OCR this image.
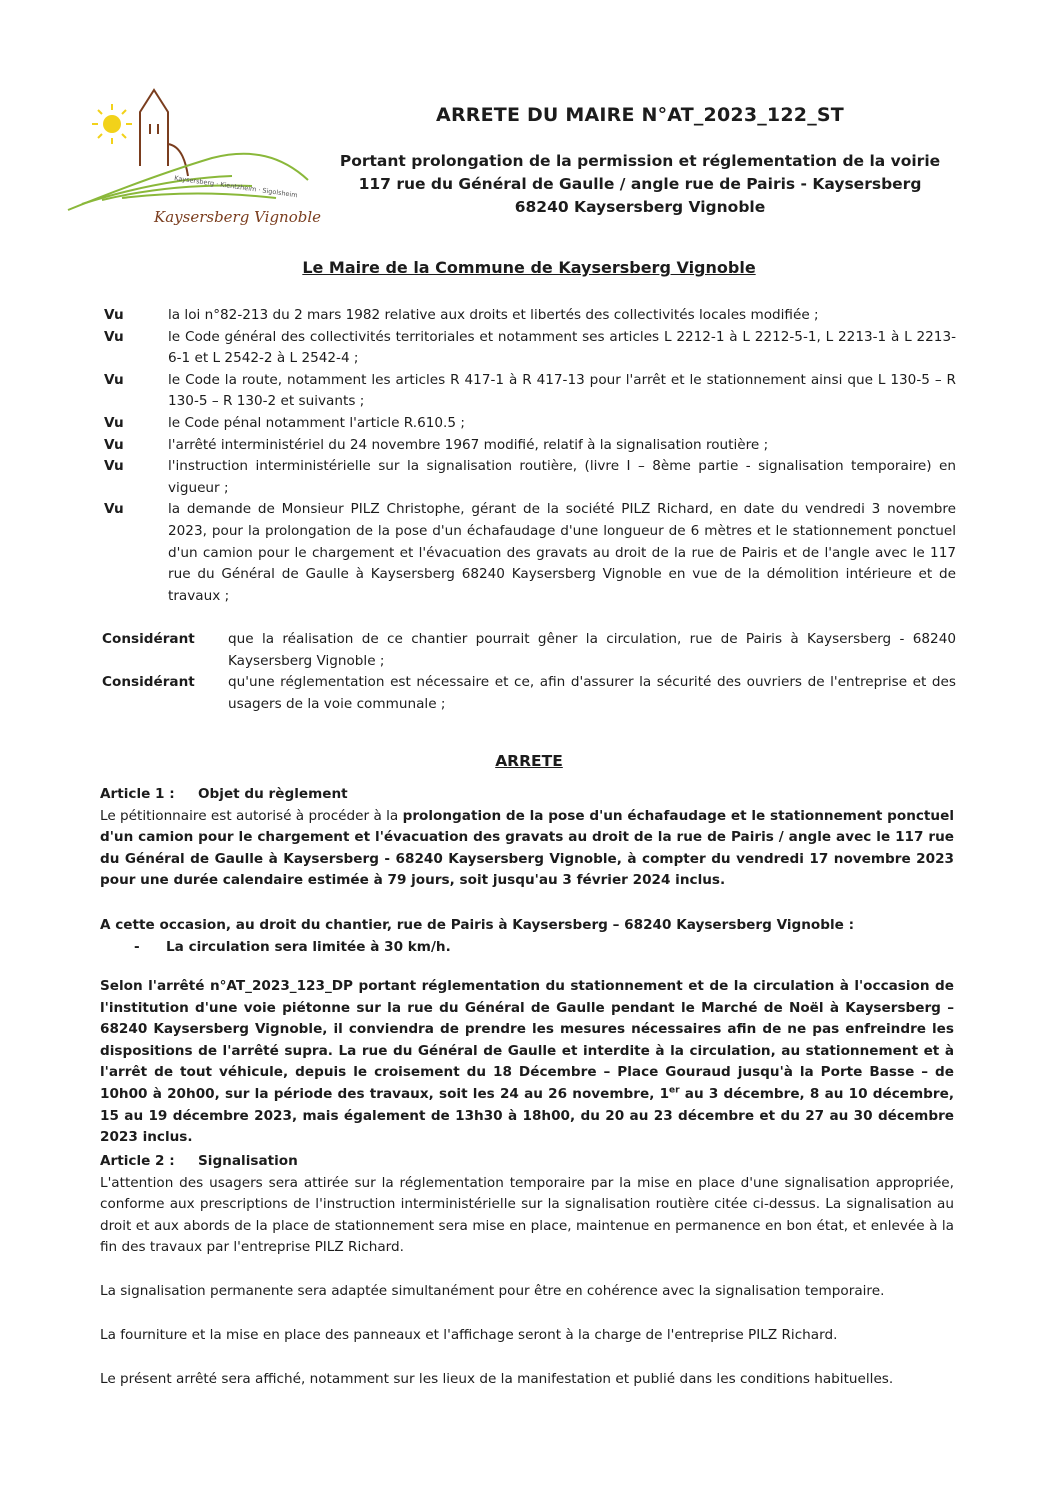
Kaysersberg · Kientzheim · Sigolsheim
Kaysersberg Vignoble
ARRETE DU MAIRE N°AT_2023_122_ST
Portant prolongation de la permission et réglementation de la voirie
117 rue du Général de Gaulle / angle rue de Pairis - Kaysersberg
68240 Kaysersberg Vignoble
Le Maire de la Commune de Kaysersberg Vignoble
Vu	la loi n°82-213 du 2 mars 1982 relative aux droits et libertés des collectivités locales modifiée ;
Vu	le Code général des collectivités territoriales et notamment ses articles L 2212-1 à L 2212-5-1, L 2213-1 à L 2213-6-1 et L 2542-2 à L 2542-4 ;
Vu	le Code la route, notamment les articles R 417-1 à R 417-13 pour l'arrêt et le stationnement ainsi que L 130-5 – R 130-5 – R 130-2 et suivants ;
Vu	le Code pénal notamment l'article R.610.5 ;
Vu	l'arrêté interministériel du 24 novembre 1967 modifié, relatif à la signalisation routière ;
Vu	l'instruction interministérielle sur la signalisation routière, (livre I – 8ème partie - signalisation temporaire) en vigueur ;
Vu	la demande de Monsieur PILZ Christophe, gérant de la société PILZ Richard, en date du vendredi 3 novembre 2023, pour la prolongation de la pose d'un échafaudage d'une longueur de 6 mètres et le stationnement ponctuel d'un camion pour le chargement et l'évacuation des gravats au droit de la rue de Pairis et de l'angle avec le 117 rue du Général de Gaulle à Kaysersberg 68240 Kaysersberg Vignoble en vue de la démolition intérieure et de travaux ;
Considérant	que la réalisation de ce chantier pourrait gêner la circulation, rue de Pairis à Kaysersberg - 68240 Kaysersberg Vignoble ;
Considérant	qu'une réglementation est nécessaire et ce, afin d'assurer la sécurité des ouvriers de l'entreprise et des usagers de la voie communale ;
ARRETE
Article 1 : Objet du règlement

Le pétitionnaire est autorisé à procéder à la prolongation de la pose d'un échafaudage et le stationnement ponctuel d'un camion pour le chargement et l'évacuation des gravats au droit de la rue de Pairis / angle avec le 117 rue du Général de Gaulle à Kaysersberg - 68240 Kaysersberg Vignoble, à compter du vendredi 17 novembre 2023 pour une durée calendaire estimée à 79 jours, soit jusqu'au 3 février 2024 inclus.

A cette occasion, au droit du chantier, rue de Pairis à Kaysersberg – 68240 Kaysersberg Vignoble :

- La circulation sera limitée à 30 km/h.

Selon l'arrêté n°AT_2023_123_DP portant réglementation du stationnement et de la circulation à l'occasion de l'institution d'une voie piétonne sur la rue du Général de Gaulle pendant le Marché de Noël à Kaysersberg – 68240 Kaysersberg Vignoble, il conviendra de prendre les mesures nécessaires afin de ne pas enfreindre les dispositions de l'arrêté supra. La rue du Général de Gaulle et interdite à la circulation, au stationnement et à l'arrêt de tout véhicule, depuis le croisement du 18 Décembre – Place Gouraud jusqu'à la Porte Basse – de 10h00 à 20h00, sur la période des travaux, soit les 24 au 26 novembre, 1er au 3 décembre, 8 au 10 décembre, 15 au 19 décembre 2023, mais également de 13h30 à 18h00, du 20 au 23 décembre et du 27 au 30 décembre 2023 inclus.

Article 2 : Signalisation

L'attention des usagers sera attirée sur la réglementation temporaire par la mise en place d'une signalisation appropriée, conforme aux prescriptions de l'instruction interministérielle sur la signalisation routière citée ci-dessus. La signalisation au droit et aux abords de la place de stationnement sera mise en place, maintenue en permanence en bon état, et enlevée à la fin des travaux par l'entreprise PILZ Richard.

La signalisation permanente sera adaptée simultanément pour être en cohérence avec la signalisation temporaire.

La fourniture et la mise en place des panneaux et l'affichage seront à la charge de l'entreprise PILZ Richard.

Le présent arrêté sera affiché, notamment sur les lieux de la manifestation et publié dans les conditions habituelles.
